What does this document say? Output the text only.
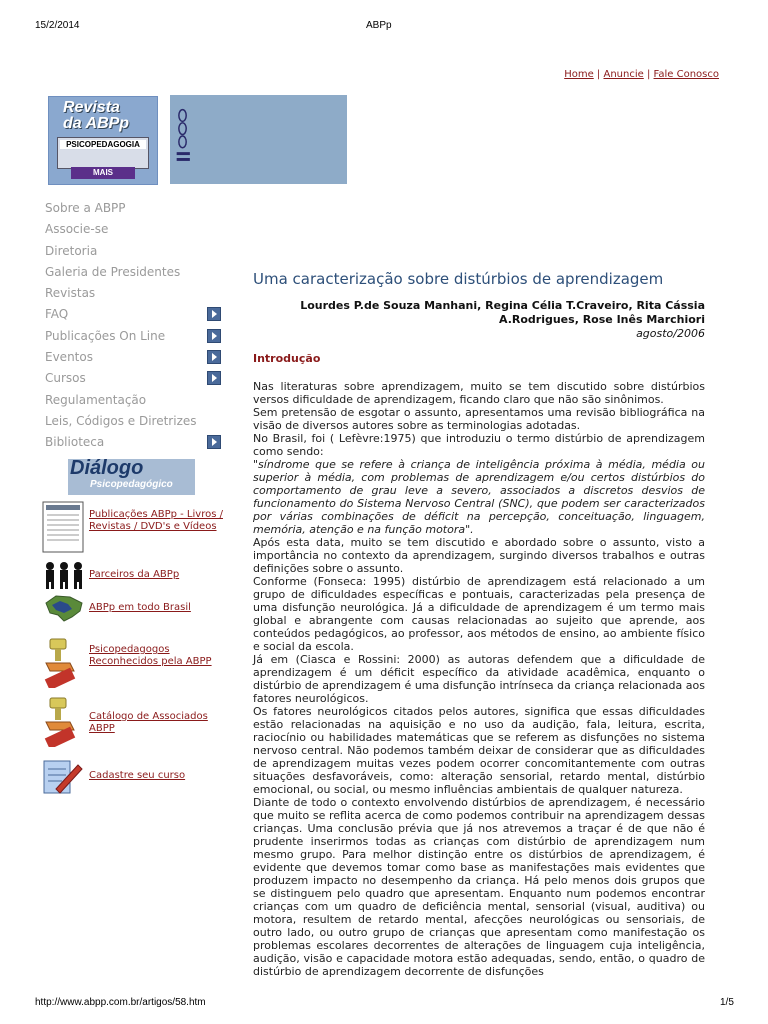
15/2/2014	ABPp
Home | Anuncie | Fale Conosco
Revista
da ABPp
PSICOPEDAGOGIA
MAIS
Sobre a ABPP
Associe-se
Diretoria
Galeria de Presidentes
Revistas
FAQ
Publicações On Line
Eventos
Cursos
Regulamentação
Leis, Códigos e Diretrizes
Biblioteca
Diálogo
Psicopedagógico
Publicações ABPp - Livros / Revistas / DVD's e Vídeos
Parceiros da ABPp
ABPp em todo Brasil
Psicopedagogos Reconhecidos pela ABPP
Catálogo de Associados ABPP
Cadastre seu curso
Uma caracterização sobre distúrbios de aprendizagem
Lourdes P.de Souza Manhani, Regina Célia T.Craveiro, Rita Cássia
A.Rodrigues, Rose Inês Marchiori
agosto/2006
Introdução

Nas literaturas sobre aprendizagem, muito se tem discutido sobre distúrbios versos dificuldade de aprendizagem, ficando claro que não são sinônimos.

Sem pretensão de esgotar o assunto, apresentamos uma revisão bibliográfica na visão de diversos autores sobre as terminologias adotadas.

No Brasil, foi ( Lefèvre:1975) que introduziu o termo distúrbio de aprendizagem como sendo:

"síndrome que se refere à criança de inteligência próxima à média, média ou superior à média, com problemas de aprendizagem e/ou certos distúrbios do comportamento de grau leve a severo, associados a discretos desvios de funcionamento do Sistema Nervoso Central (SNC), que podem ser caracterizados por várias combinações de déficit na percepção, conceituação, linguagem, memória, atenção e na função motora".

Após esta data, muito se tem discutido e abordado sobre o assunto, visto a importância no contexto da aprendizagem, surgindo diversos trabalhos e outras definições sobre o assunto.

Conforme (Fonseca: 1995) distúrbio de aprendizagem está relacionado a um grupo de dificuldades específicas e pontuais, caracterizadas pela presença de uma disfunção neurológica. Já a dificuldade de aprendizagem é um termo mais global e abrangente com causas relacionadas ao sujeito que aprende, aos conteúdos pedagógicos, ao professor, aos métodos de ensino, ao ambiente físico e social da escola.

Já em (Ciasca e Rossini: 2000) as autoras defendem que a dificuldade de aprendizagem é um déficit específico da atividade acadêmica, enquanto o distúrbio de aprendizagem é uma disfunção intrínseca da criança relacionada aos fatores neurológicos.

Os fatores neurológicos citados pelos autores, significa que essas dificuldades estão relacionadas na aquisição e no uso da audição, fala, leitura, escrita, raciocínio ou habilidades matemáticas que se referem as disfunções no sistema nervoso central. Não podemos também deixar de considerar que as dificuldades de aprendizagem muitas vezes podem ocorrer concomitantemente com outras situações desfavoráveis, como: alteração sensorial, retardo mental, distúrbio emocional, ou social, ou mesmo influências ambientais de qualquer natureza.

Diante de todo o contexto envolvendo distúrbios de aprendizagem, é necessário que muito se reflita acerca de como podemos contribuir na aprendizagem dessas crianças. Uma conclusão prévia que já nos atrevemos a traçar é de que não é prudente inserirmos todas as crianças com distúrbio de aprendizagem num mesmo grupo. Para melhor distinção entre os distúrbios de aprendizagem, é evidente que devemos tomar como base as manifestações mais evidentes que produzem impacto no desempenho da criança. Há pelo menos dois grupos que se distinguem pelo quadro que apresentam. Enquanto num podemos encontrar crianças com um quadro de deficiência mental, sensorial (visual, auditiva) ou motora, resultem de retardo mental, afecções neurológicas ou sensoriais, de outro lado, ou outro grupo de crianças que apresentam como manifestação os problemas escolares decorrentes de alterações de linguagem cuja inteligência, audição, visão e capacidade motora estão adequadas, sendo, então, o quadro de distúrbio de aprendizagem decorrente de disfunções

http://www.abpp.com.br/artigos/58.htm	1/5
